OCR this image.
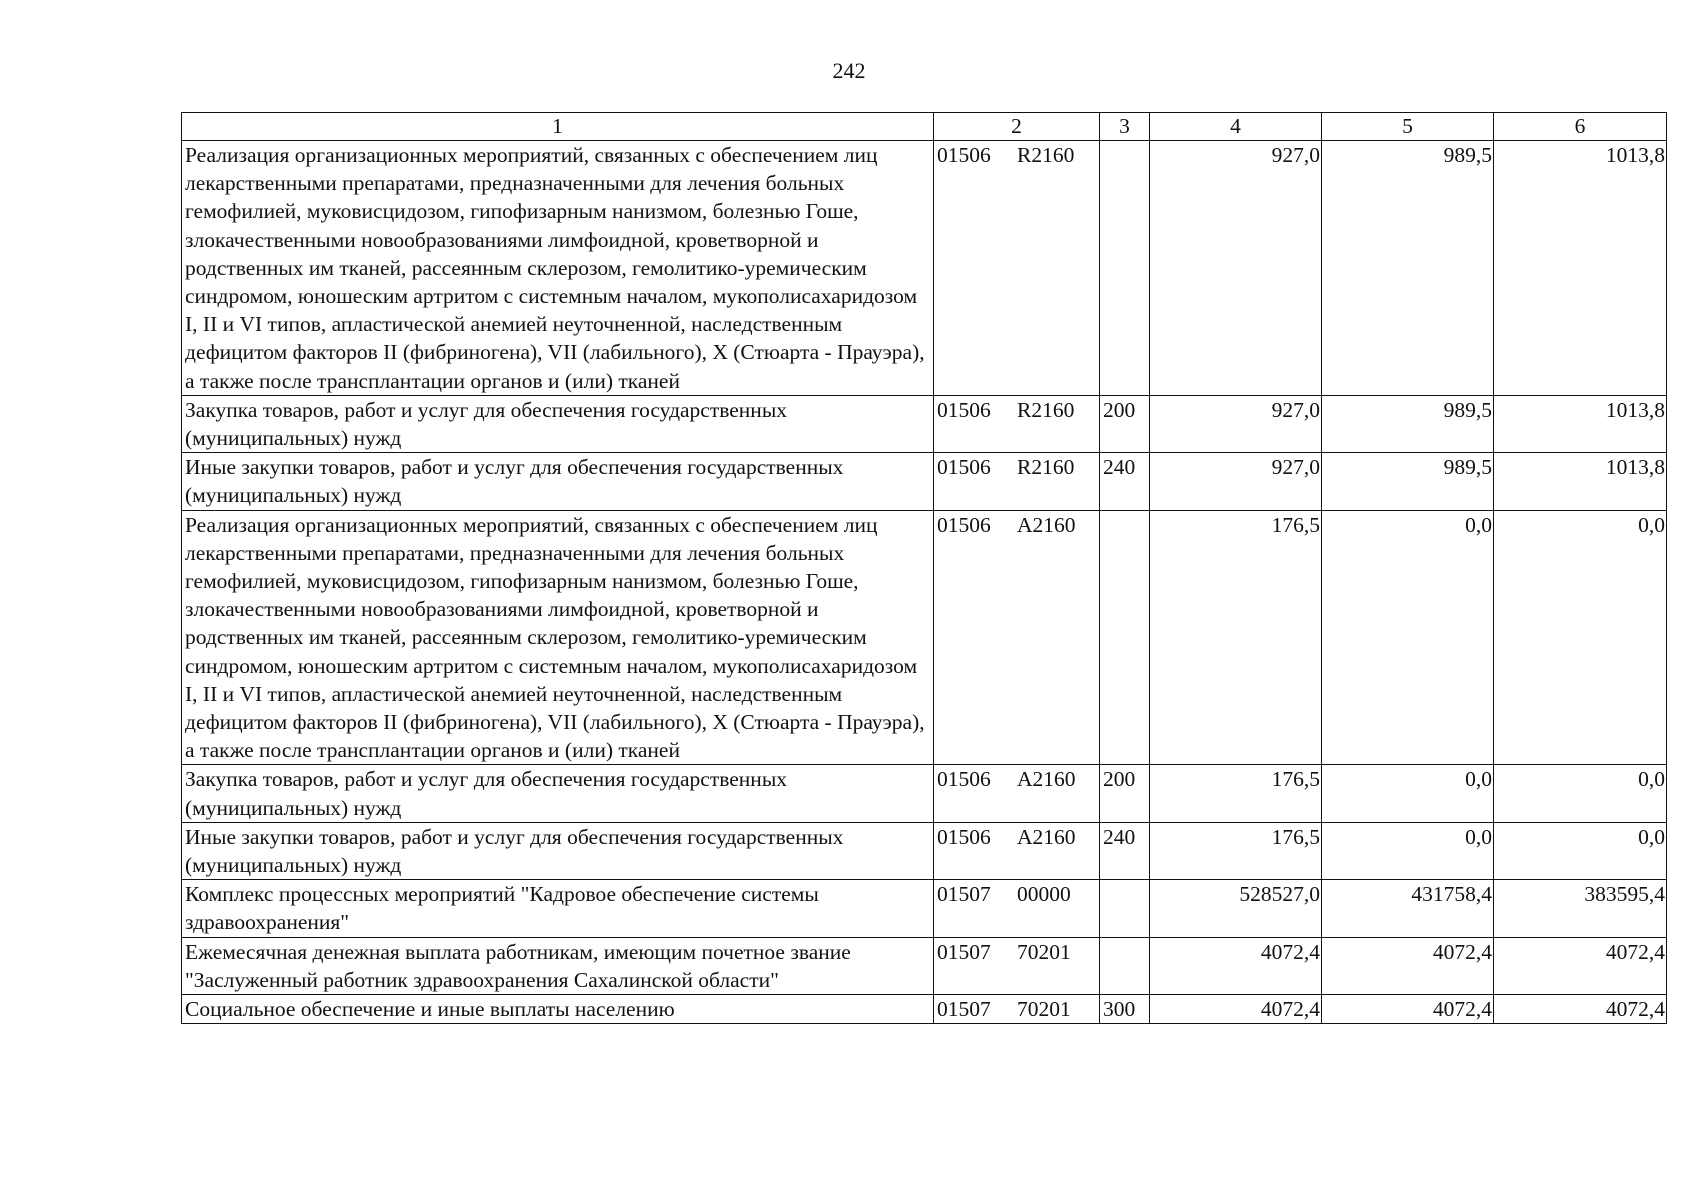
242
1	2	3	4	5	6
Реализация организационных мероприятий, связанных с обеспечением лиц лекарственными препаратами, предназначенными для лечения больных гемофилией, муковисцидозом, гипофизарным нанизмом, болезнью Гоше, злокачественными новообразованиями лимфоидной, кроветворной и родственных им тканей, рассеянным склерозом, гемолитико-уремическим синдромом, юношеским артритом с системным началом, мукополисахаридозом I, II и VI типов, апластической анемией неуточненной, наследственным дефицитом факторов II (фибриногена), VII (лабильного), X (Стюарта - Прауэра), а также после трансплантации органов и (или) тканей	01506 R2160		927,0	989,5	1013,8
Закупка товаров, работ и услуг для обеспечения государственных (муниципальных) нужд	01506 R2160	200	927,0	989,5	1013,8
Иные закупки товаров, работ и услуг для обеспечения государственных (муниципальных) нужд	01506 R2160	240	927,0	989,5	1013,8
Реализация организационных мероприятий, связанных с обеспечением лиц лекарственными препаратами, предназначенными для лечения больных гемофилией, муковисцидозом, гипофизарным нанизмом, болезнью Гоше, злокачественными новообразованиями лимфоидной, кроветворной и родственных им тканей, рассеянным склерозом, гемолитико-уремическим синдромом, юношеским артритом с системным началом, мукополисахаридозом I, II и VI типов, апластической анемией неуточненной, наследственным дефицитом факторов II (фибриногена), VII (лабильного), X (Стюарта - Прауэра), а также после трансплантации органов и (или) тканей	01506 A2160		176,5	0,0	0,0
Закупка товаров, работ и услуг для обеспечения государственных (муниципальных) нужд	01506 A2160	200	176,5	0,0	0,0
Иные закупки товаров, работ и услуг для обеспечения государственных (муниципальных) нужд	01506 A2160	240	176,5	0,0	0,0
Комплекс процессных мероприятий "Кадровое обеспечение системы здравоохранения"	01507 00000		528527,0	431758,4	383595,4
Ежемесячная денежная выплата работникам, имеющим почетное звание "Заслуженный работник здравоохранения Сахалинской области"	01507 70201		4072,4	4072,4	4072,4
Социальное обеспечение и иные выплаты населению	01507 70201	300	4072,4	4072,4	4072,4
